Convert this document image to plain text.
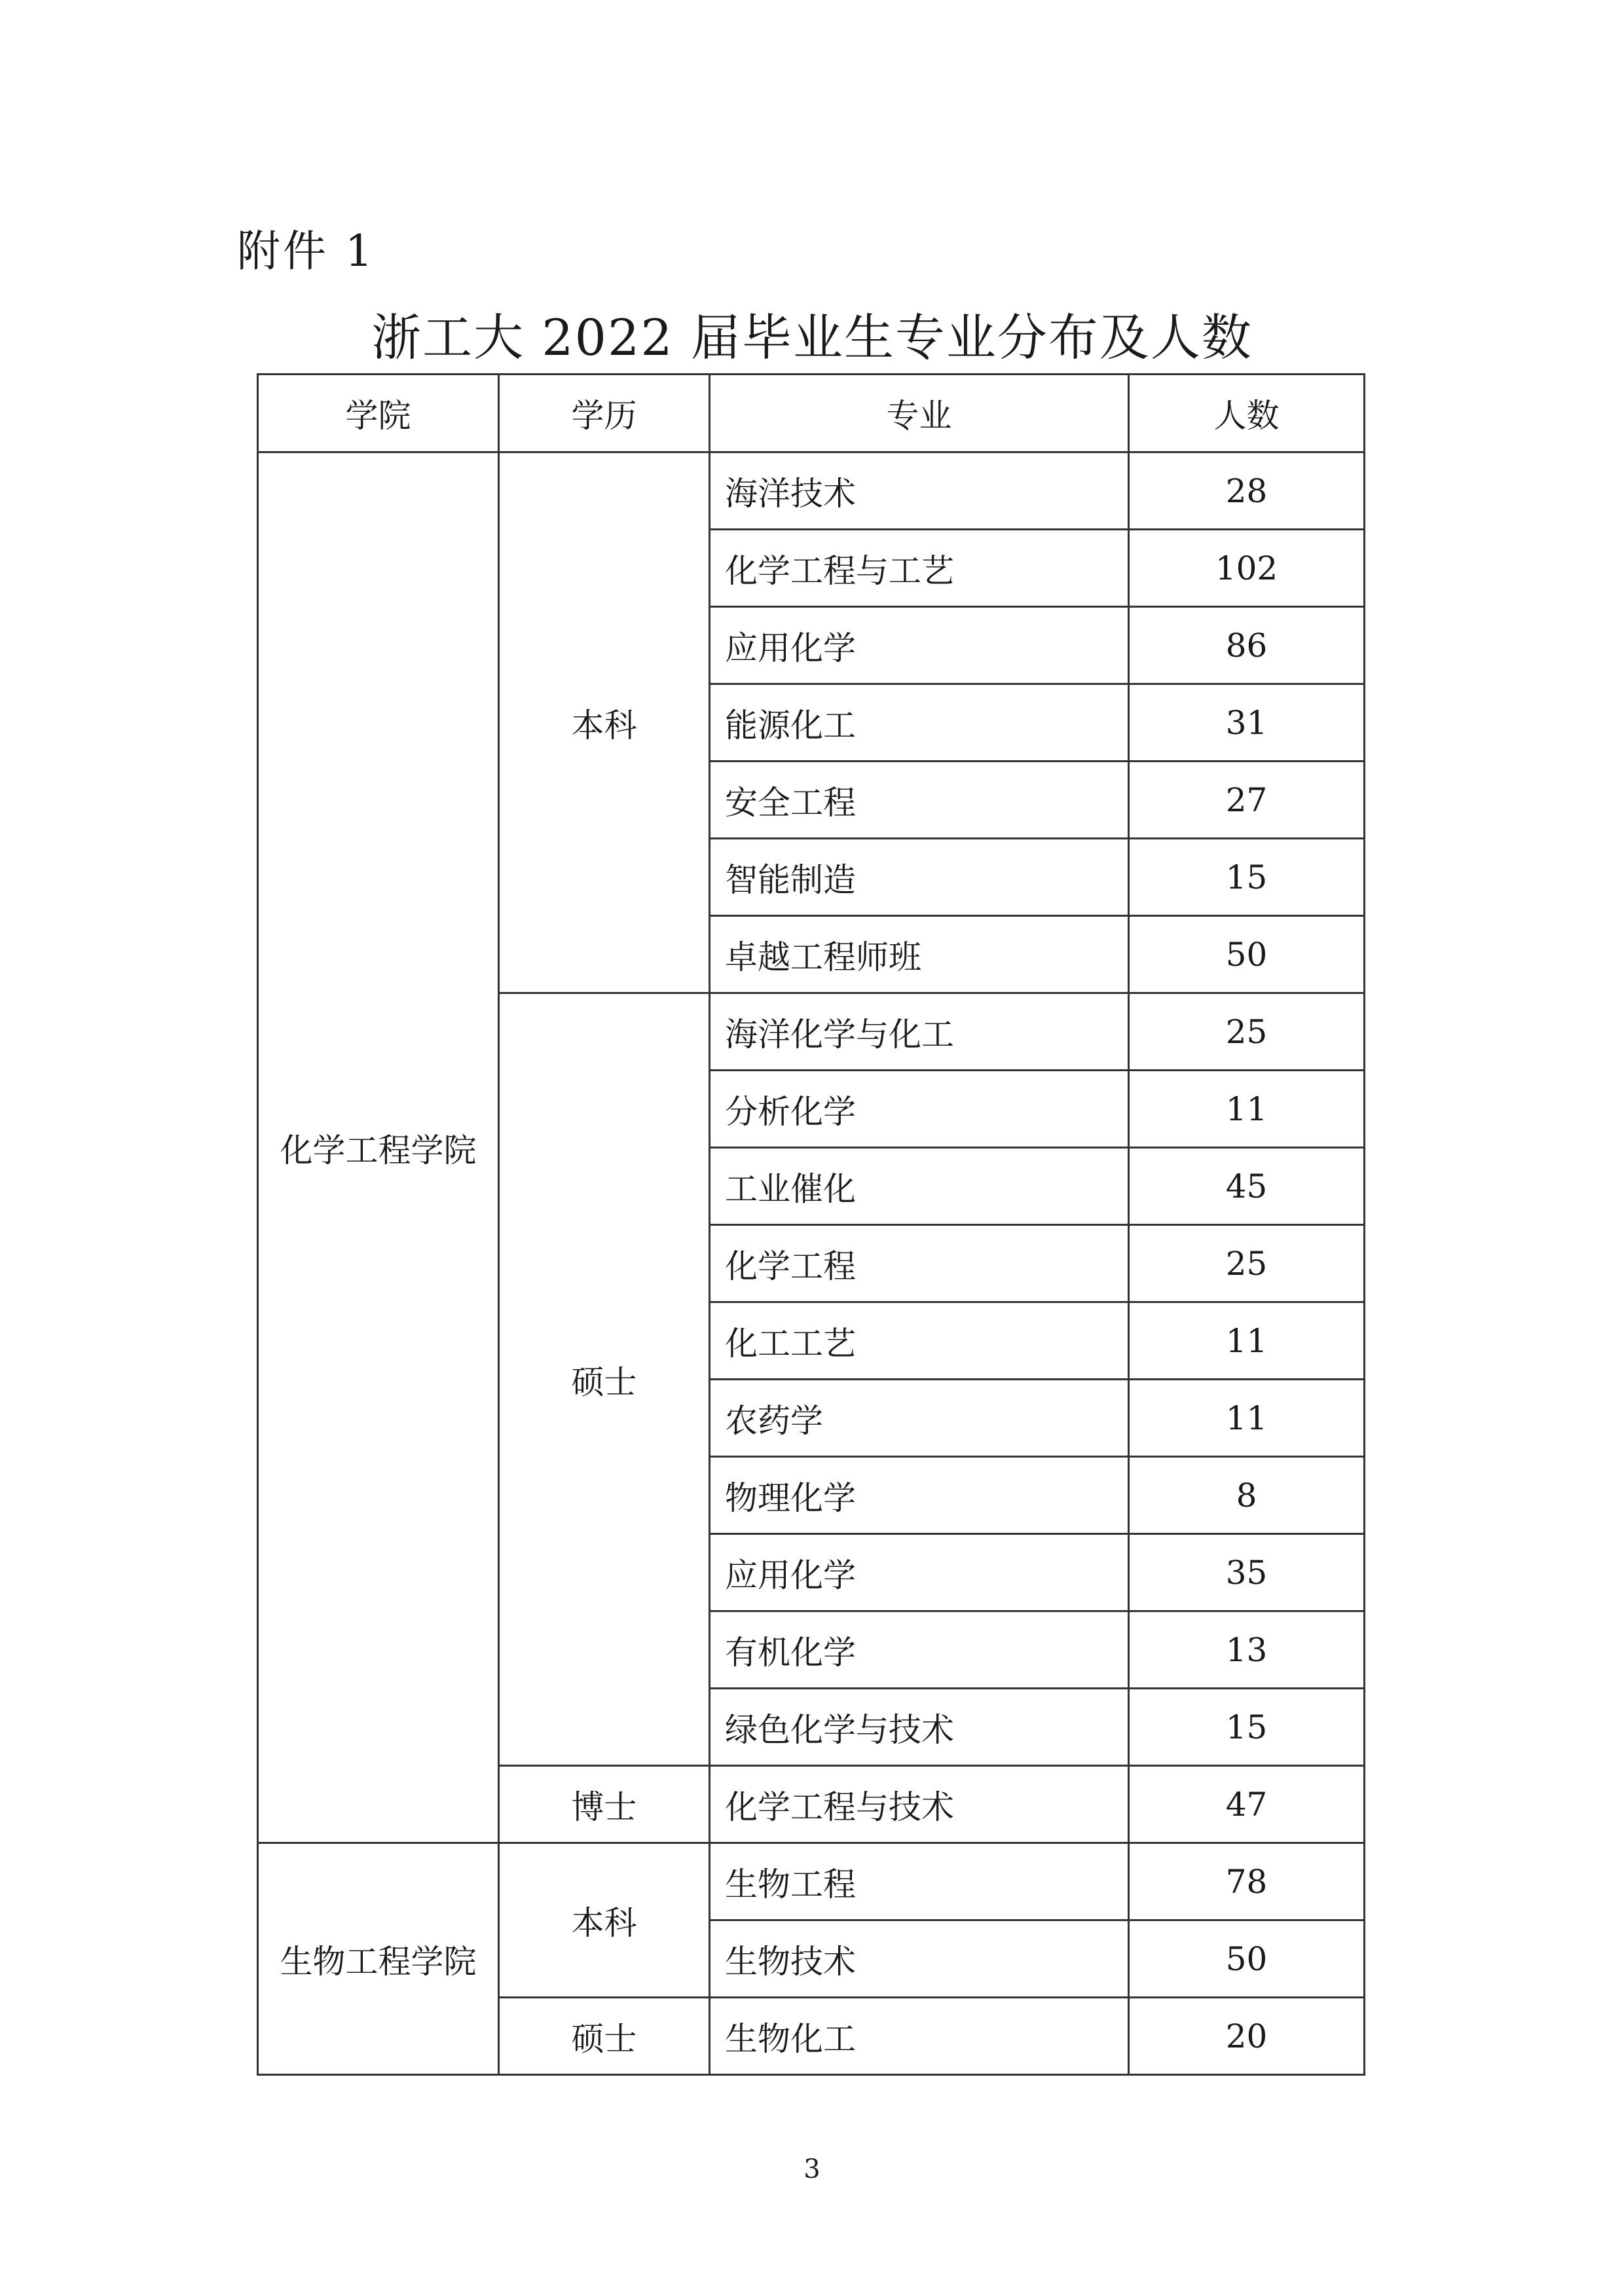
附件 1
浙工大 2022 届毕业生专业分布及人数
学院	学历	专业	人数
化学工程学院	本科	海洋技术	28
		化学工程与工艺	102
		应用化学	86
		能源化工	31
		安全工程	27
		智能制造	15
		卓越工程师班	50
	硕士	海洋化学与化工	25
		分析化学	11
		工业催化	45
		化学工程	25
		化工工艺	11
		农药学	11
		物理化学	8
		应用化学	35
		有机化学	13
		绿色化学与技术	15
	博士	化学工程与技术	47
生物工程学院	本科	生物工程	78
		生物技术	50
	硕士	生物化工	20
3
